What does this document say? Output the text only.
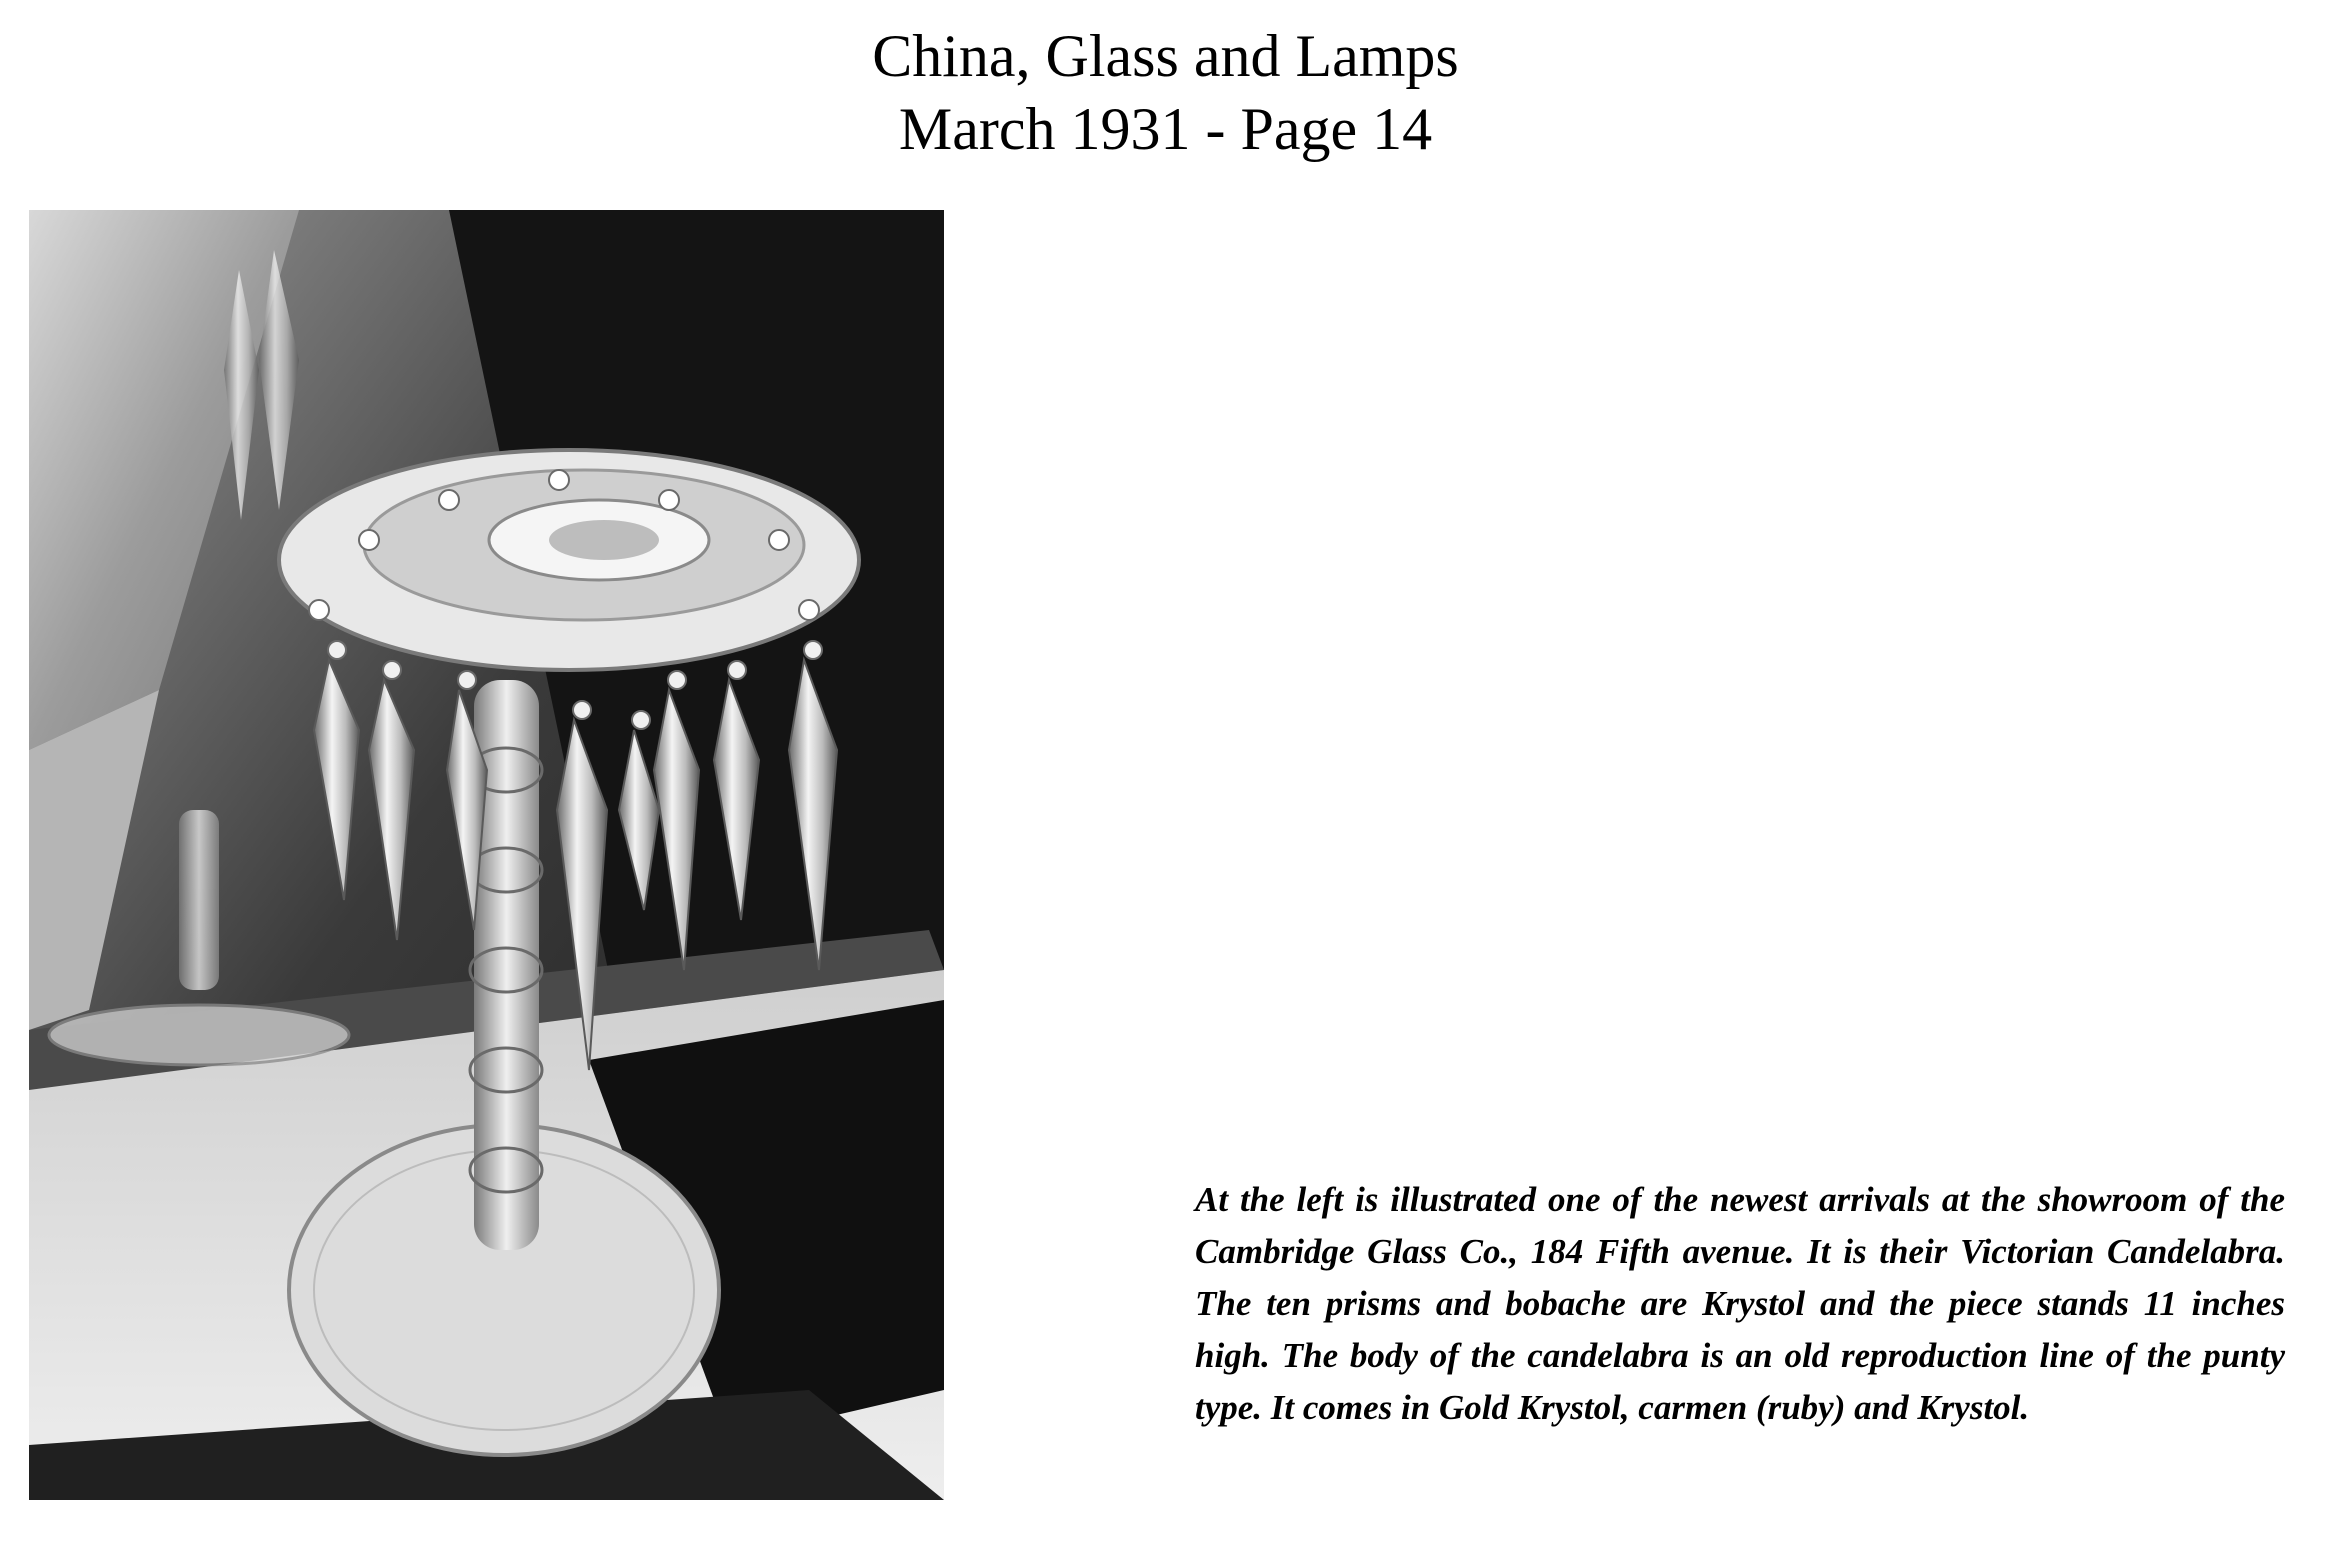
China, Glass and Lamps

March 1931 - Page 14

At the left is illustrated one of the newest arrivals at the showroom of the Cambridge Glass Co., 184 Fifth avenue. It is their Victorian Candelabra. The ten prisms and bobache are Krystol and the piece stands 11 inches high. The body of the candelabra is an old reproduction line of the punty type. It comes in Gold Krystol, carmen (ruby) and Krystol.
